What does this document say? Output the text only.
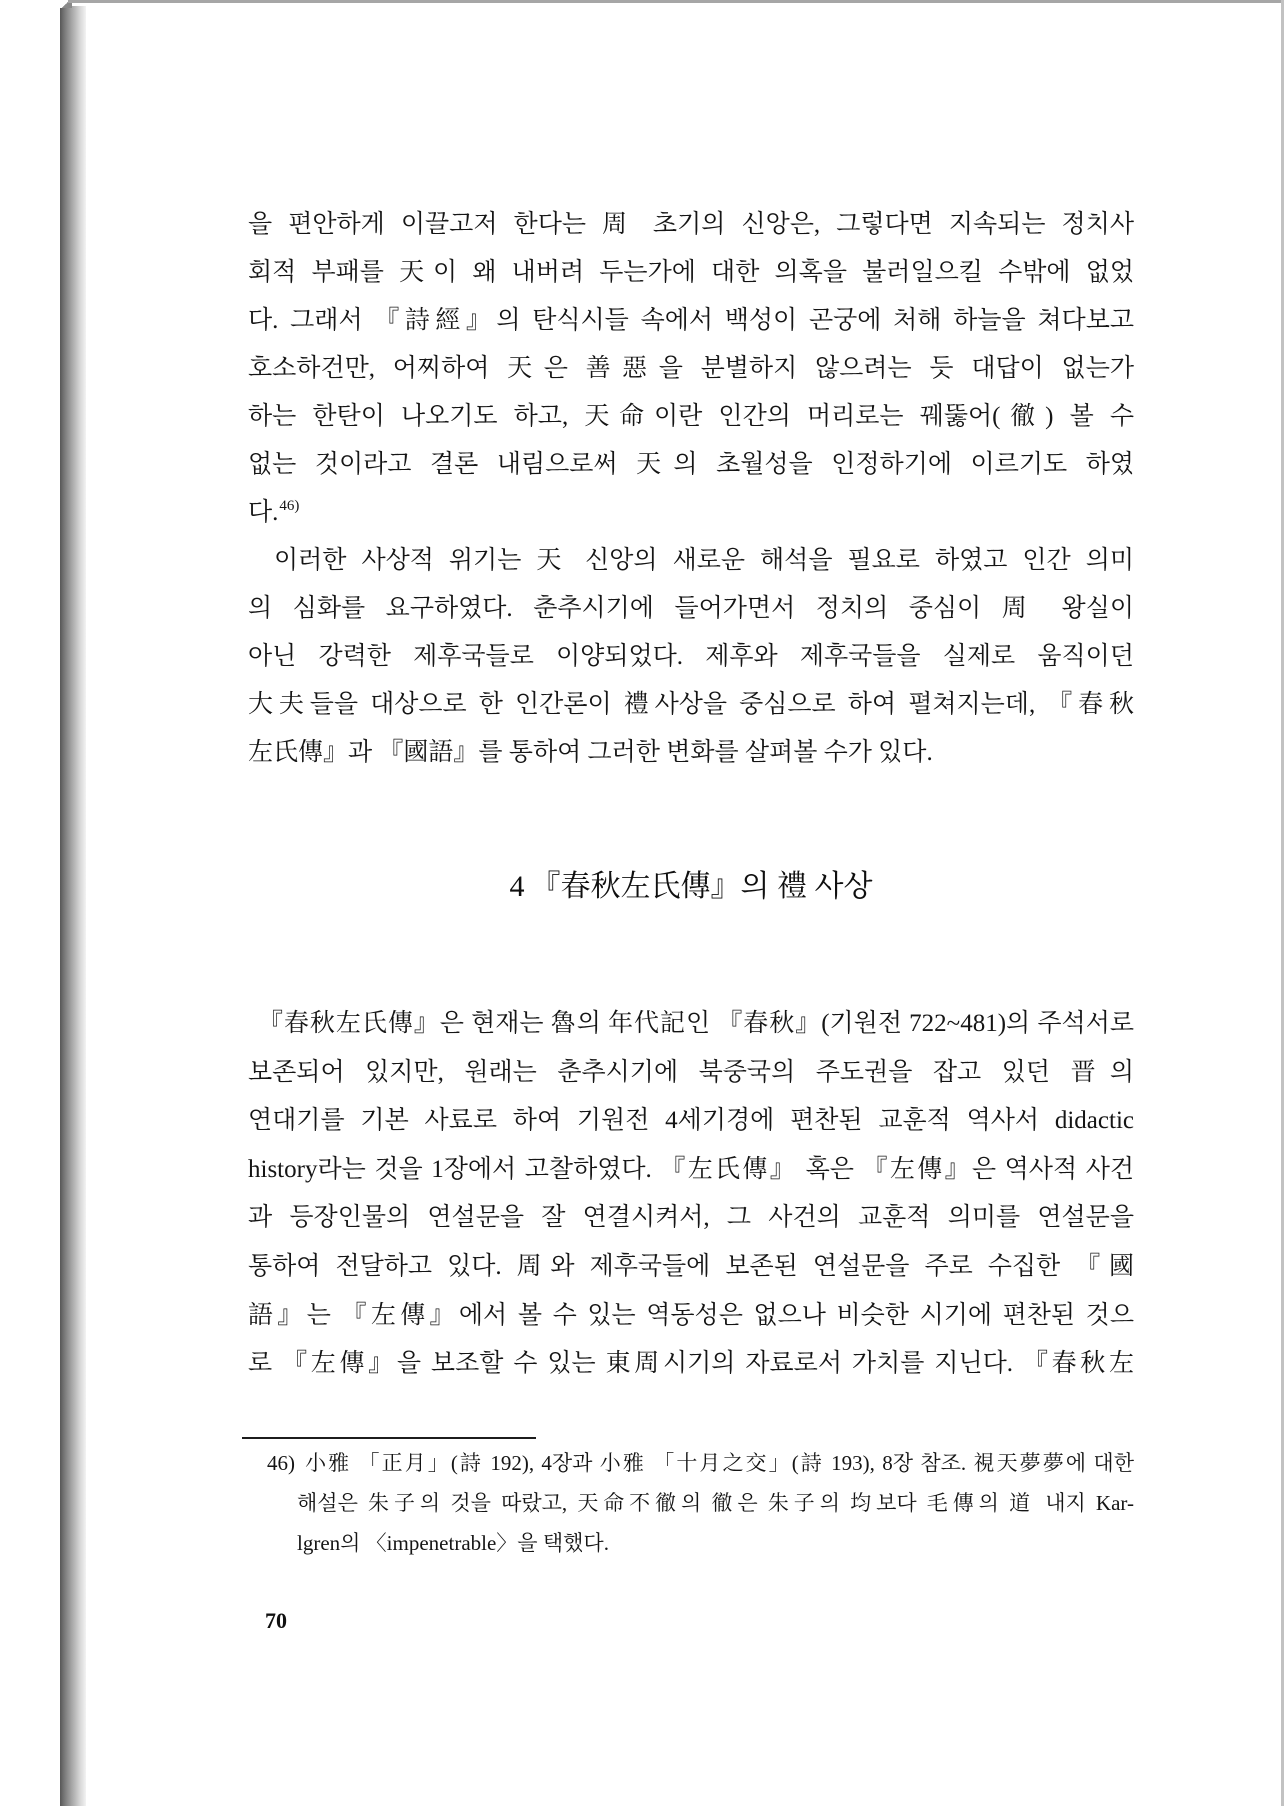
을 편안하게 이끌고저 한다는 周 초기의 신앙은, 그렇다면 지속되는 정치사
회적 부패를 天이 왜 내버려 두는가에 대한 의혹을 불러일으킬 수밖에 없었
다. 그래서 『詩經』의 탄식시들 속에서 백성이 곤궁에 처해 하늘을 쳐다보고
호소하건만, 어찌하여 天은 善惡을 분별하지 않으려는 듯 대답이 없는가
하는 한탄이 나오기도 하고, 天命이란 인간의 머리로는 꿰뚫어(徹) 볼 수
없는 것이라고 결론 내림으로써 天의 초월성을 인정하기에 이르기도 하였
다.$^{46)}$
이러한 사상적 위기는 天 신앙의 새로운 해석을 필요로 하였고 인간 의미
의 심화를 요구하였다. 춘추시기에 들어가면서 정치의 중심이 周 왕실이
아닌 강력한 제후국들로 이양되었다. 제후와 제후국들을 실제로 움직이던
大夫들을 대상으로 한 인간론이 禮사상을 중심으로 하여 펼쳐지는데, 『春秋
左氏傳』과 『國語』를 통하여 그러한 변화를 살펴볼 수가 있다.
4 『春秋左氏傳』의 禮 사상
『春秋左氏傳』은 현재는 魯의 年代記인 『春秋』(기원전 722~481)의 주석서로
보존되어 있지만, 원래는 춘추시기에 북중국의 주도권을 잡고 있던 晋의
연대기를 기본 사료로 하여 기원전 4세기경에 편찬된 교훈적 역사서 didactic
history라는 것을 1장에서 고찰하였다. 『左氏傳』 혹은 『左傳』은 역사적 사건
과 등장인물의 연설문을 잘 연결시켜서, 그 사건의 교훈적 의미를 연설문을
통하여 전달하고 있다. 周와 제후국들에 보존된 연설문을 주로 수집한 『國
語』는 『左傳』에서 볼 수 있는 역동성은 없으나 비슷한 시기에 편찬된 것으
로 『左傳』을 보조할 수 있는 東周시기의 자료로서 가치를 지닌다. 『春秋左
46) 小雅 「正月」(詩 192), 4장과 小雅 「十月之交」(詩 193), 8장 참조. 視天夢夢에 대한
해설은 朱子의 것을 따랐고, 天命不徹의 徹은 朱子의 均보다 毛傳의 道 내지 Kar-
lgren의 〈impenetrable〉을 택했다.
70
